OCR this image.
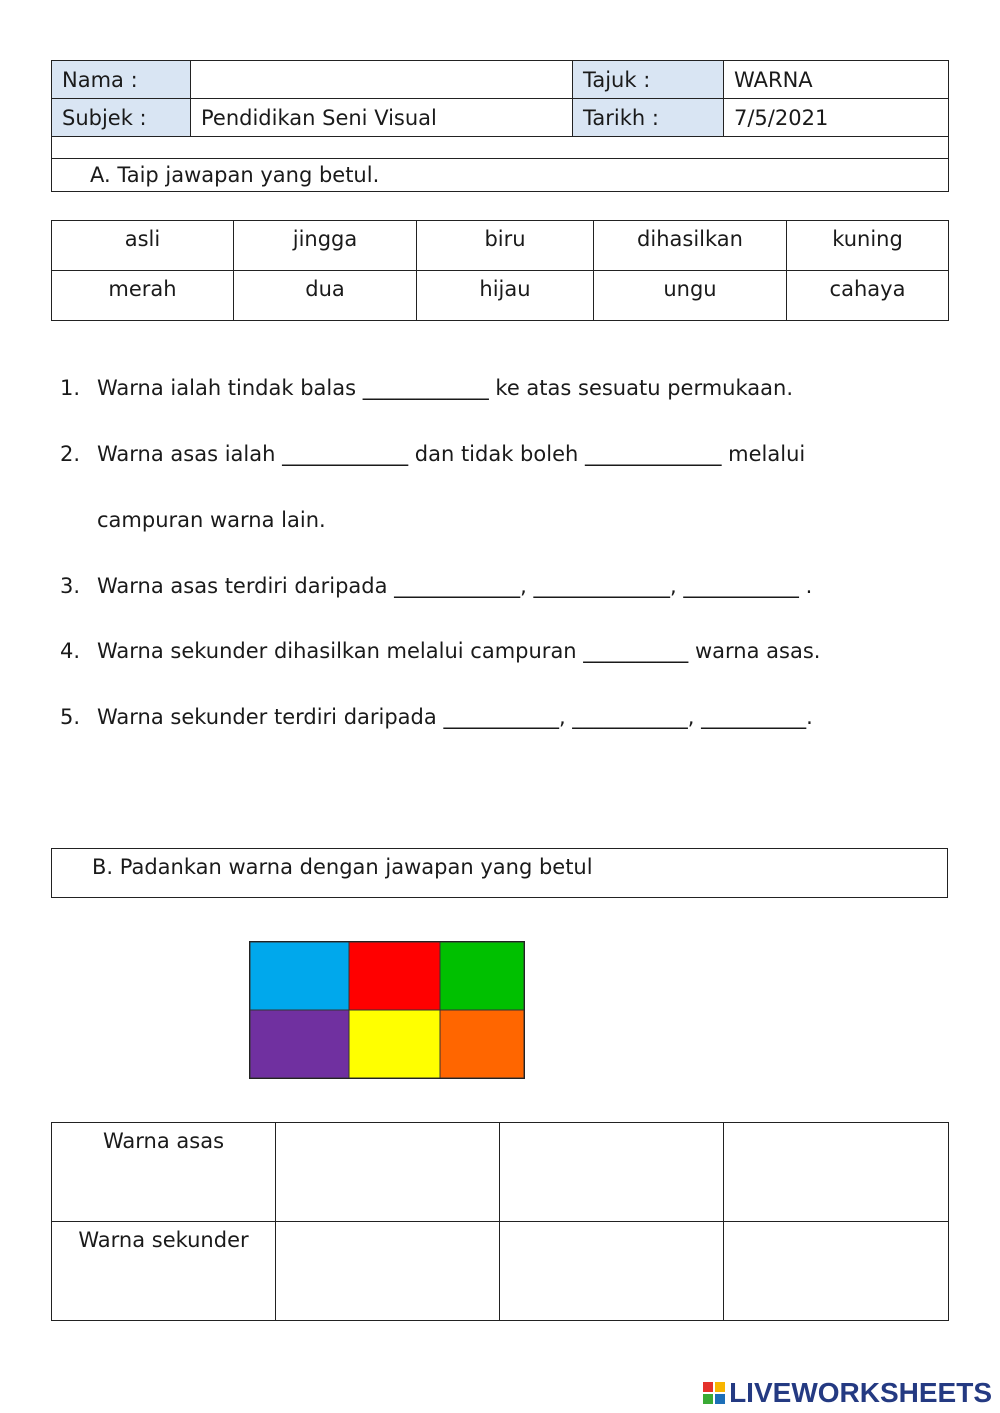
Nama :		Tajuk :	WARNA
Subjek :	Pendidikan Seni Visual	Tarikh :	7/5/2021

A. Taip jawapan yang betul.			
asli	jingga	biru	dihasilkan	kuning
merah	dua	hijau	ungu	cahaya
1. Warna ialah tindak balas ____________ ke atas sesuatu permukaan.
2. Warna asas ialah ____________ dan tidak boleh _____________ melalui
campuran warna lain.
3. Warna asas terdiri daripada ____________, _____________, ___________ .
4. Warna sekunder dihasilkan melalui campuran __________ warna asas.
5. Warna sekunder terdiri daripada ___________, ___________, __________.
B. Padankan warna dengan jawapan yang betul
Warna asas			
Warna sekunder			
LIVEWORKSHEETS
